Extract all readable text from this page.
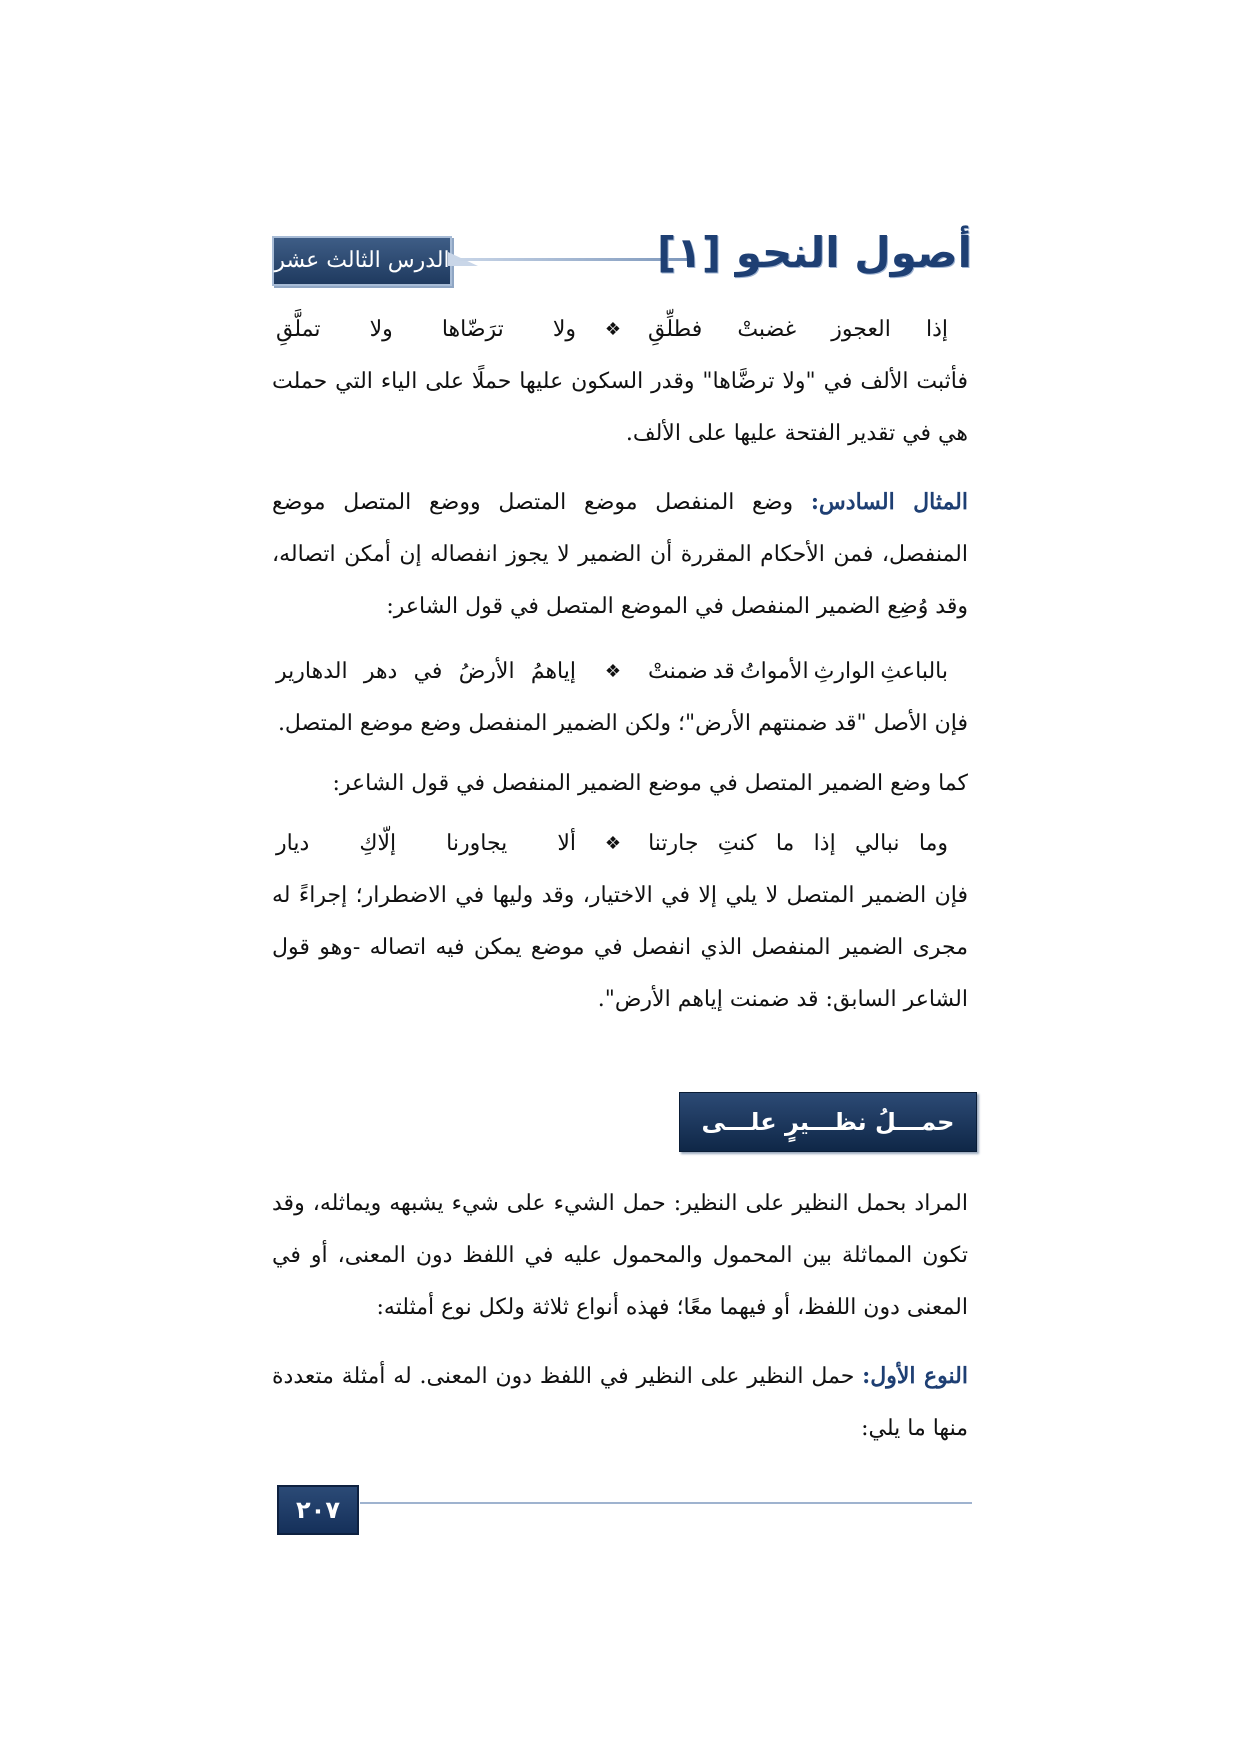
الدرس الثالث عشر	أصول النحو [١]
إذا
العجوز
غضبتْ
فطلِّقِ
❖
ولا
ترَضّاها
ولا
تملَّقِ

فأثبت الألف في "ولا ترضَّاها" وقدر السكون عليها حملًا على الياء التي حملت هي في تقدير الفتحة عليها على الألف.

المثال السادس: وضع المنفصل موضع المتصل ووضع المتصل موضع المنفصل، فمن الأحكام المقررة أن الضمير لا يجوز انفصاله إن أمكن اتصاله، وقد وُضِع الضمير المنفصل في الموضع المتصل في قول الشاعر:

بالباعثِ
الوارثِ
الأمواتُ
قد
ضمنتْ
❖
إياهمُ
الأرضُ
في
دهر
الدهارير

فإن الأصل "قد ضمنتهم الأرض"؛ ولكن الضمير المنفصل وضع موضع المتصل.

كما وضع الضمير المتصل في موضع الضمير المنفصل في قول الشاعر:

وما
نبالي
إذا
ما
كنتِ
جارتنا
❖
ألا
يجاورنا
إلّاكِ
ديار

فإن الضمير المتصل لا يلي إلا في الاختيار، وقد وليها في الاضطرار؛ إجراءً له مجرى الضمير المنفصل الذي انفصل في موضع يمكن فيه اتصاله -وهو قول الشاعر السابق: قد ضمنت إياهم الأرض".

حمـــلُ نظـــيرٍ علـــى نظـــيرٍ

المراد بحمل النظير على النظير: حمل الشيء على شيء يشبهه ويماثله، وقد تكون المماثلة بين المحمول والمحمول عليه في اللفظ دون المعنى، أو في المعنى دون اللفظ، أو فيهما معًا؛ فهذه أنواع ثلاثة ولكل نوع أمثلته:

النوع الأول: حمل النظير على النظير في اللفظ دون المعنى. له أمثلة متعددة منها ما يلي:

٢٠٧
